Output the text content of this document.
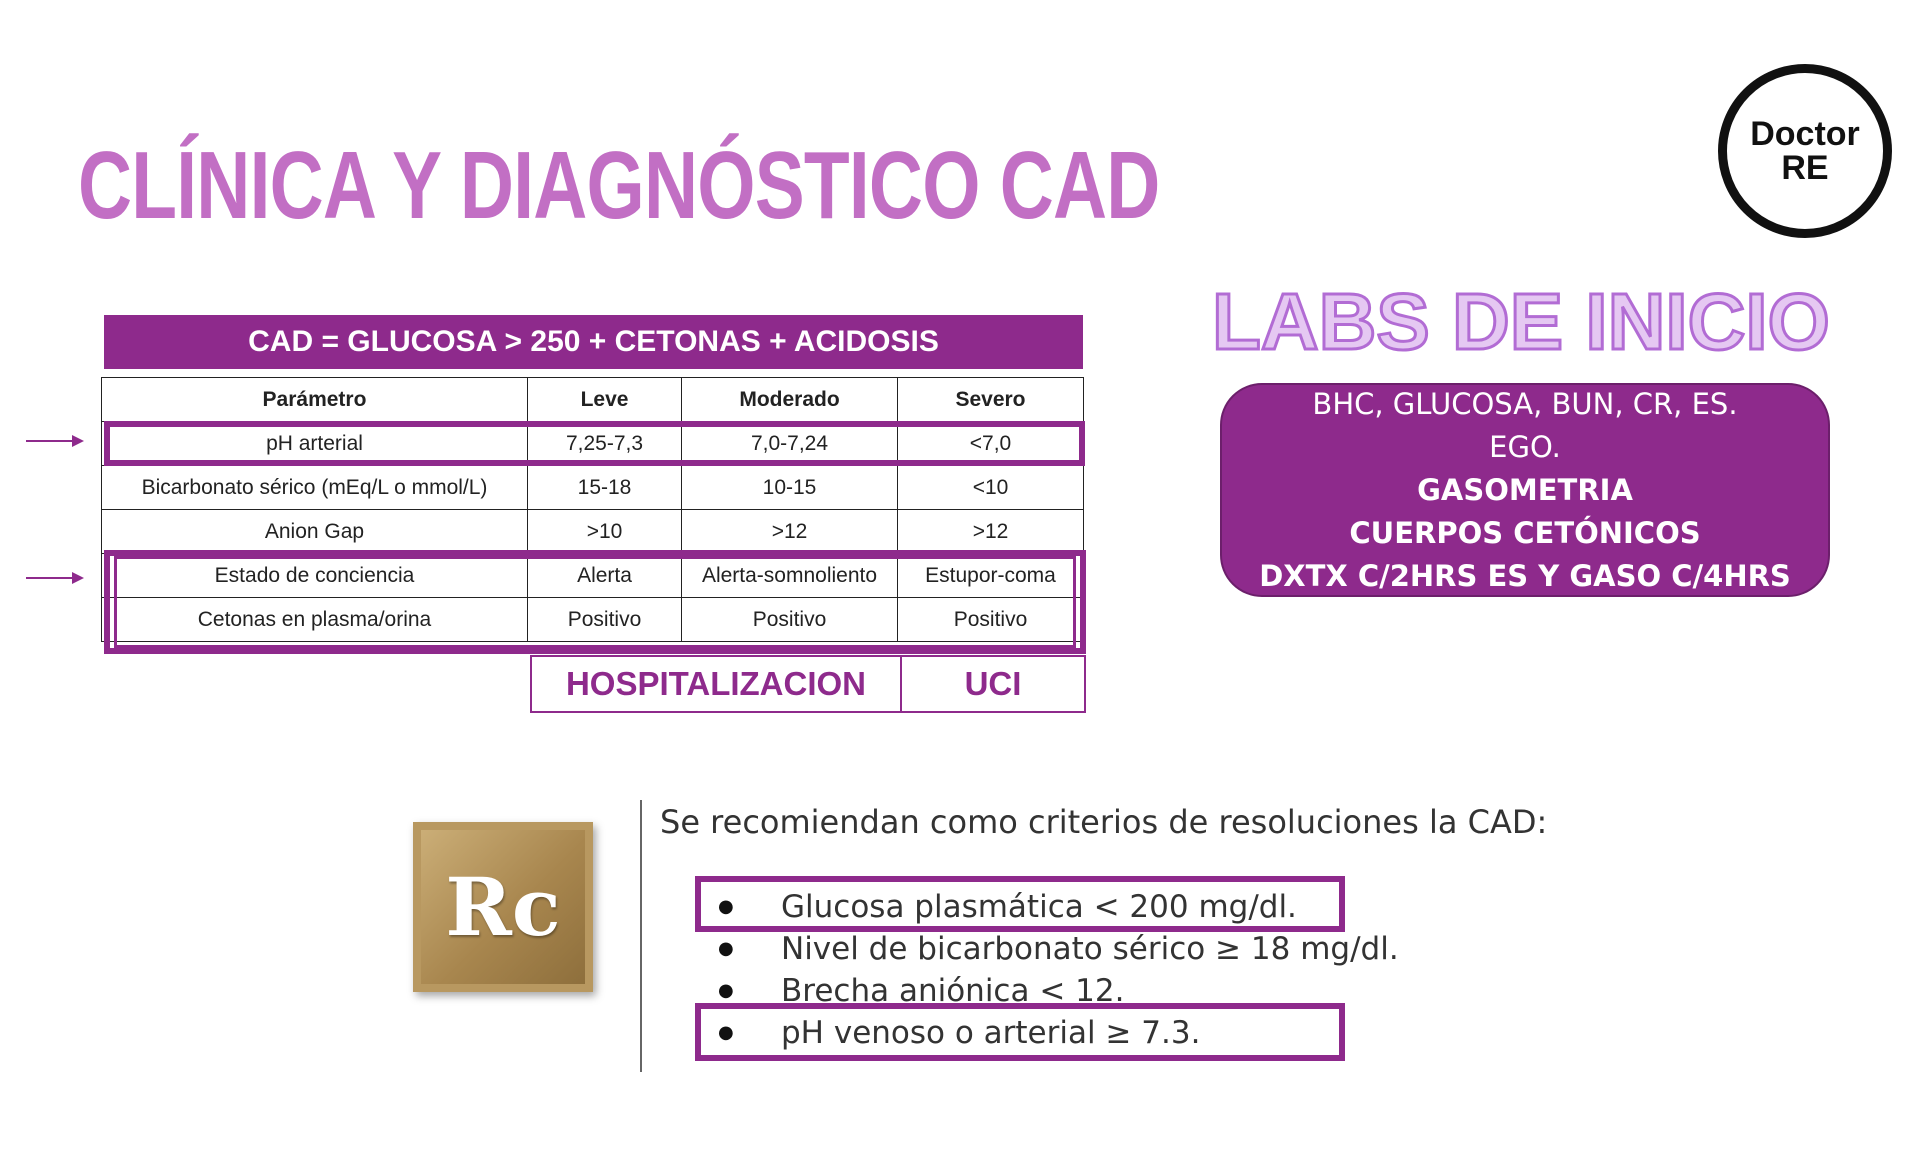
CLÍNICA Y DIAGNÓSTICO CAD	Doctor
RE
CAD = GLUCOSA > 250 + CETONAS + ACIDOSIS
Parámetro	Leve	Moderado	Severo
pH arterial	7,25-7,3	7,0-7,24	<7,0
Bicarbonato sérico (mEq/L o mmol/L)	15-18	10-15	<10
Anion Gap	>10	>12	>12
Estado de conciencia	Alerta	Alerta-somnoliento	Estupor-coma
Cetonas en plasma/orina	Positivo	Positivo	Positivo
HOSPITALIZACION	UCI
LABS DE INICIO
BHC, GLUCOSA, BUN, CR, ES.
EGO.
GASOMETRIA
CUERPOS CETÓNICOS
DXTX C/2HRS ES Y GASO C/4HRS
Rc

Se recomiendan como criterios de resoluciones la CAD:

● Glucosa plasmática < 200 mg/dl.
● Nivel de bicarbonato sérico ≥ 18 mg/dl.
● Brecha aniónica < 12.
● pH venoso o arterial ≥ 7.3.
